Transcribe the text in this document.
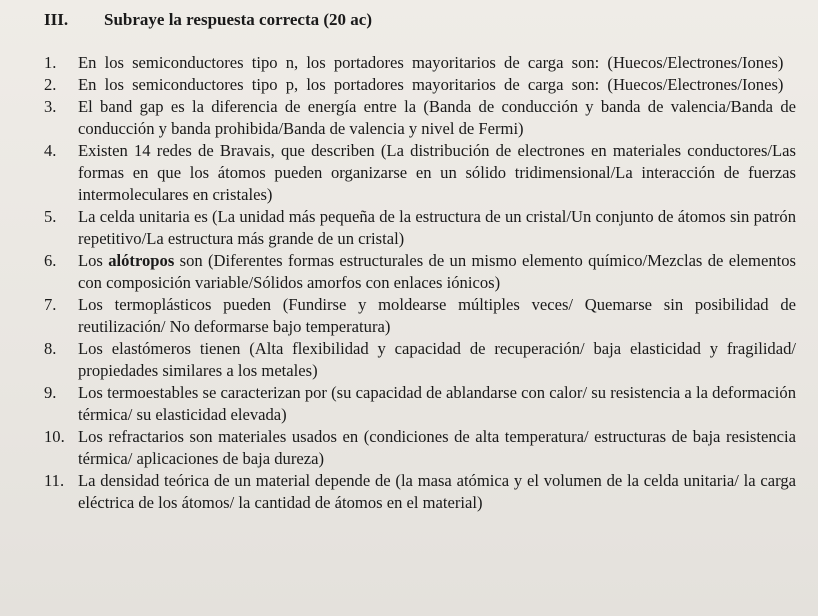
III.	Subraye la respuesta correcta (20 ac)
1.	En los semiconductores tipo n, los portadores mayoritarios de carga son: (Huecos/Electrones/Iones)
2.	En los semiconductores tipo p, los portadores mayoritarios de carga son: (Huecos/Electrones/Iones)
3.	El band gap es la diferencia de energía entre la (Banda de conducción y banda de valencia/Banda de conducción y banda prohibida/Banda de valencia y nivel de Fermi)
4.	Existen 14 redes de Bravais, que describen (La distribución de electrones en materiales conductores/Las formas en que los átomos pueden organizarse en un sólido tridimensional/La interacción de fuerzas intermoleculares en cristales)
5.	La celda unitaria es (La unidad más pequeña de la estructura de un cristal/Un conjunto de átomos sin patrón repetitivo/La estructura más grande de un cristal)
6.	Los alótropos son (Diferentes formas estructurales de un mismo elemento químico/Mezclas de elementos con composición variable/Sólidos amorfos con enlaces iónicos)
7.	Los termoplásticos pueden (Fundirse y moldearse múltiples veces/ Quemarse sin posibilidad de reutilización/ No deformarse bajo temperatura)
8.	Los elastómeros tienen (Alta flexibilidad y capacidad de recuperación/ baja elasticidad y fragilidad/ propiedades similares a los metales)
9.	Los termoestables se caracterizan por (su capacidad de ablandarse con calor/ su resistencia a la deformación térmica/ su elasticidad elevada)
10. Los refractarios son materiales usados en (condiciones de alta temperatura/ estructuras de baja resistencia térmica/ aplicaciones de baja dureza)
11. La densidad teórica de un material depende de (la masa atómica y el volumen de la celda unitaria/ la carga eléctrica de los átomos/ la cantidad de átomos en el material)
